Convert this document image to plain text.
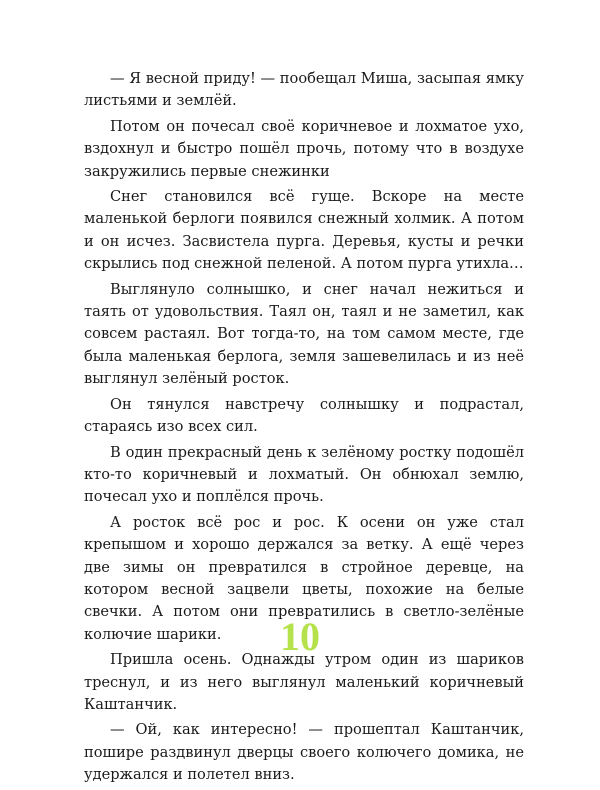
— Я весной приду! — пообещал Миша, засыпая ямку листьями и землёй.

Потом он почесал своё коричневое и лохматое ухо, вздохнул и быстро пошёл прочь, потому что в воздухе закружились первые снежинки

Снег становился всё гуще. Вскоре на месте маленькой берлоги появился снежный холмик. А потом и он исчез. Засвистела пурга. Деревья, кусты и речки скрылись под снежной пеленой. А потом пурга утихла…

Выглянуло солнышко, и снег начал нежиться и таять от удовольствия. Таял он, таял и не заметил, как совсем растаял. Вот тогда-то, на том самом месте, где была маленькая берлога, земля зашевелилась и из неё выглянул зелёный росток.

Он тянулся навстречу солнышку и подрастал, стараясь изо всех сил.

В один прекрасный день к зелёному ростку подошёл кто-то коричневый и лохматый. Он обнюхал землю, почесал ухо и поплёлся прочь.

А росток всё рос и рос. К осени он уже стал крепышом и хорошо держался за ветку. А ещё через две зимы он превратился в стройное деревце, на котором весной зацвели цветы, похожие на белые свечки. А потом они превратились в светло-зелёные колючие шарики.

Пришла осень. Однажды утром один из шариков треснул, и из него выглянул маленький коричневый Каштанчик.

— Ой, как интересно! — прошептал Каштанчик, пошире раздвинул дверцы своего колючего домика, не удержался и полетел вниз.

10
